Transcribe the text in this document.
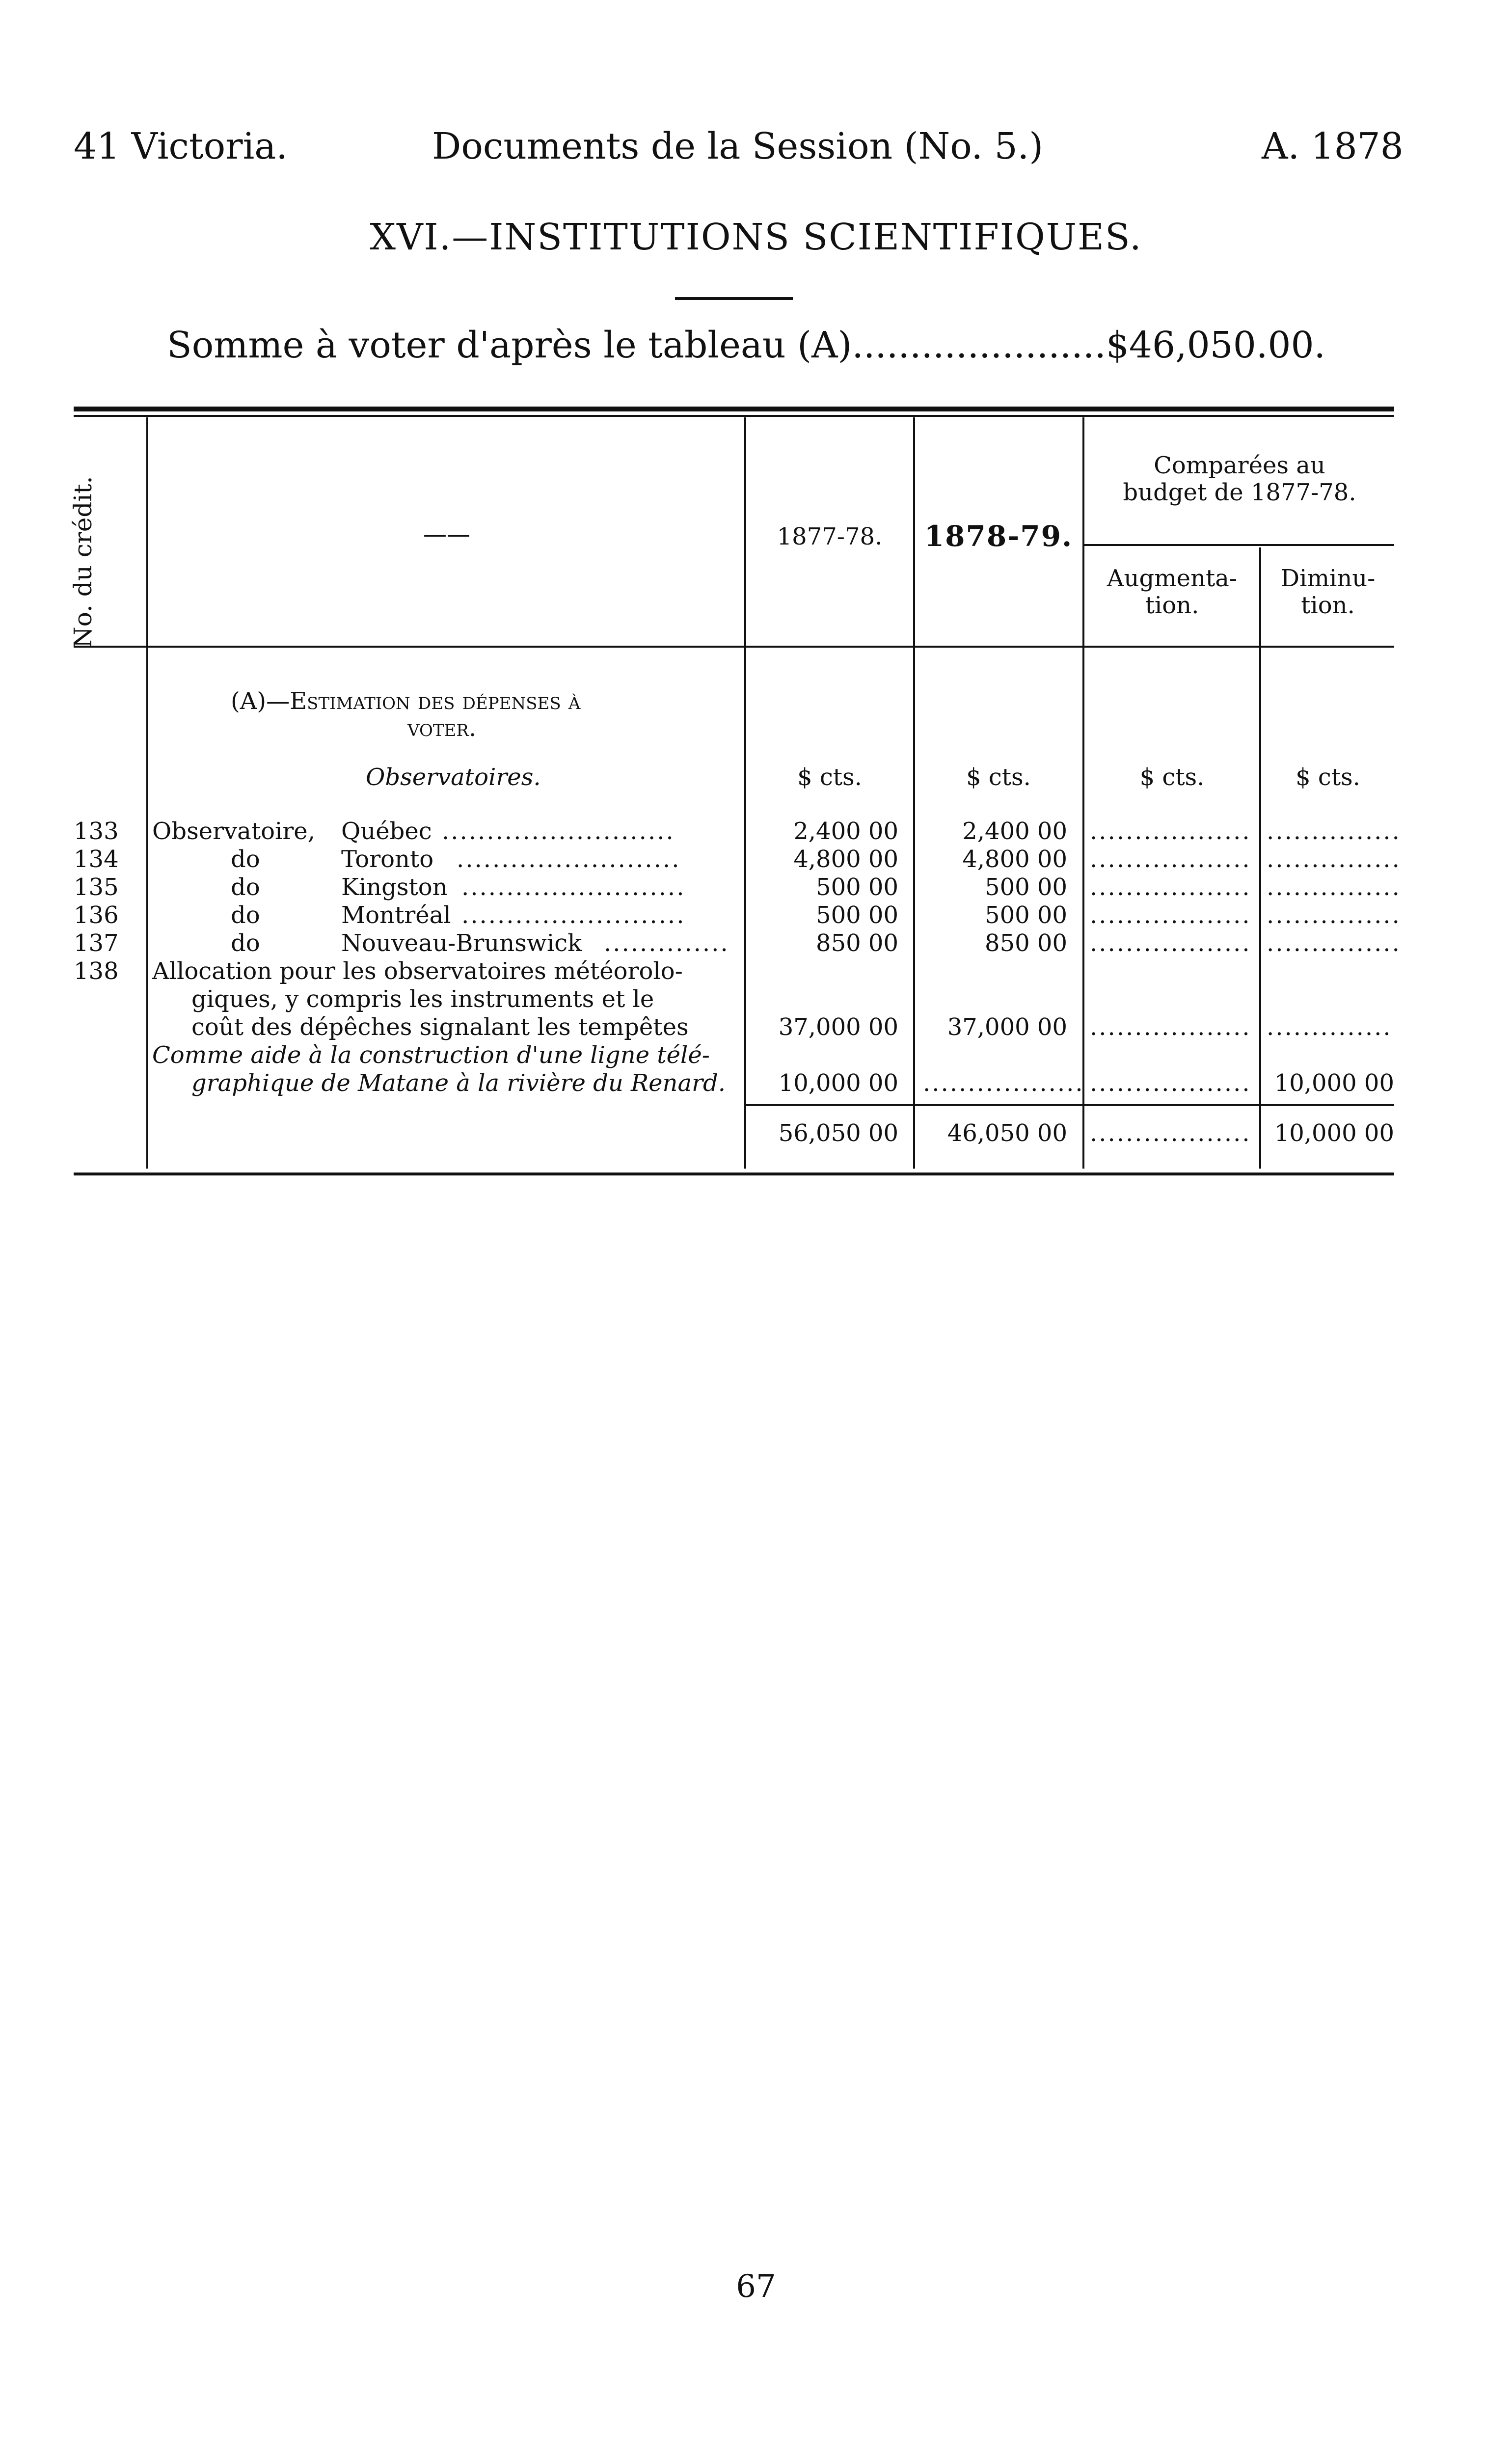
41 Victoria.	Documents de la Session (No. 5.)	A. 1878
XVI.—INSTITUTIONS SCIENTIFIQUES.
Somme à voter d'après le tableau (A)......................$46,050.00.
No. du crédit.	——	1877-78.	1878-79.
Comparées au
budget de 1877-78.
Augmenta-
tion.
Diminu-
tion.
(A)—Estimation des dépenses à
voter.
Observatoires.	$ cts.	$ cts.	$ cts.	$ cts.
133 Observatoire, Québec ..........................	2,400 00	2,400 00 .................. ...............
134	do	Toronto .........................	4,800 00	4,800 00 .................. ...............
135	do	Kingston .........................	500 00	500 00 .................. ...............
136	do	Montréal .........................	500 00	500 00 .................. ...............
137	do	Nouveau-Brunswick ..............	850 00	850 00 .................. ...............
138 Allocation pour les observatoires météorolo-
giques, y compris les instruments et le
coût des dépêches signalant les tempêtes	37,000 00	37,000 00 .................. ..............
Comme aide à la construction d'une ligne télé-
graphique de Matane à la rivière du Renard.	10,000 00 .................. .................. 10,000 00
56,050 00	46,050 00 .................. 10,000 00
67
